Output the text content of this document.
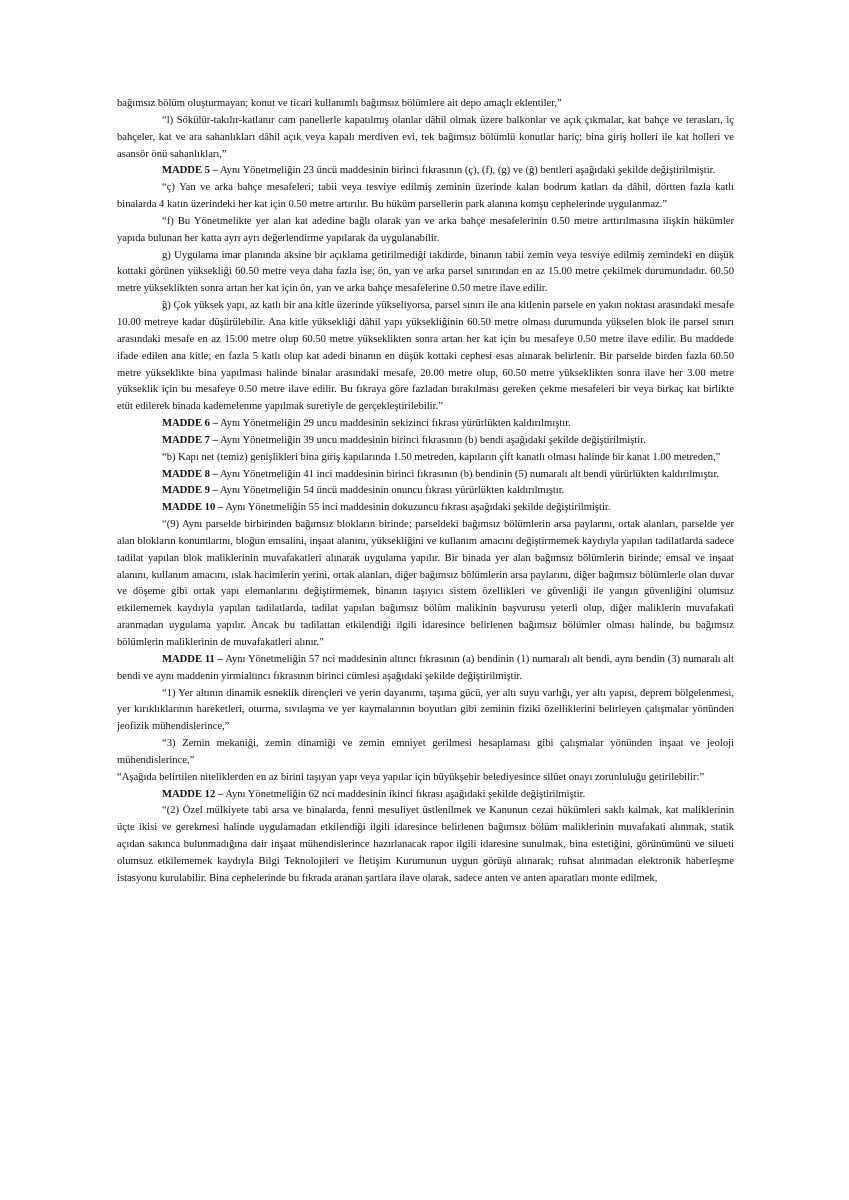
bağımsız bölüm oluşturmayan; konut ve ticari kullanımlı bağımsız bölümlere ait depo amaçlı eklentiler,”

“l) Sökülür-takılır-katlanır cam panellerle kapatılmış olanlar dâhil olmak üzere balkonlar ve açık çıkmalar, kat bahçe ve terasları, iç bahçeler, kat ve ara sahanlıkları dâhil açık veya kapalı merdiven evi, tek bağımsız bölümlü konutlar hariç; bina giriş holleri ile kat holleri ve asansör önü sahanlıkları,”

MADDE 5 – Aynı Yönetmeliğin 23 üncü maddesinin birinci fıkrasının (ç), (f), (g) ve (ğ) bentleri aşağıdaki şekilde değiştirilmiştir.

“ç) Yan ve arka bahçe mesafeleri; tabii veya tesviye edilmiş zeminin üzerinde kalan bodrum katları da dâhil, dörtten fazla katlı binalarda 4 katın üzerindeki her kat için 0.50 metre artırılır. Bu hüküm parsellerin park alanına komşu cephelerinde uygulanmaz.”

“f) Bu Yönetmelikte yer alan kat adedine bağlı olarak yan ve arka bahçe mesafelerinin 0.50 metre arttırılmasına ilişkin hükümler yapıda bulunan her katta ayrı ayrı değerlendirme yapılarak da uygulanabilir.

g) Uygulama imar planında aksine bir açıklama getirilmediği takdirde, binanın tabii zemin veya tesviye edilmiş zemindeki en düşük kottaki görünen yüksekliği 60.50 metre veya daha fazla ise; ön, yan ve arka parsel sınırından en az 15.00 metre çekilmek durumundadır. 60.50 metre yükseklikten sonra artan her kat için ön, yan ve arka bahçe mesafelerine 0.50 metre ilave edilir.

ğ) Çok yüksek yapı, az katlı bir ana kitle üzerinde yükseliyorsa, parsel sınırı ile ana kitlenin parsele en yakın noktası arasındaki mesafe 10.00 metreye kadar düşürülebilir. Ana kitle yüksekliği dâhil yapı yüksekliğinin 60.50 metre olması durumunda yükselen blok ile parsel sınırı arasındaki mesafe en az 15.00 metre olup 60.50 metre yükseklikten sonra artan her kat için bu mesafeye 0.50 metre ilave edilir. Bu maddede ifade edilen ana kitle; en fazla 5 katlı olup kat adedi binanın en düşük kottaki cephesi esas alınarak belirlenir. Bir parselde birden fazla 60.50 metre yükseklikte bina yapılması halinde binalar arasındaki mesafe, 20.00 metre olup, 60.50 metre yükseklikten sonra ilave her 3.00 metre yükseklik için bu mesafeye 0.50 metre ilave edilir. Bu fıkraya göre fazladan bırakılması gereken çekme mesafeleri bir veya birkaç kat birlikte etüt edilerek binada kademelenme yapılmak suretiyle de gerçekleştirilebilir.”

MADDE 6 – Aynı Yönetmeliğin 29 uncu maddesinin sekizinci fıkrası yürürlükten kaldırılmıştır.

MADDE 7 – Aynı Yönetmeliğin 39 uncu maddesinin birinci fıkrasının (b) bendi aşağıdaki şekilde değiştirilmiştir.

“b) Kapı net (temiz) genişlikleri bina giriş kapılarında 1.50 metreden, kapıların çift kanatlı olması halinde bir kanat 1.00 metreden,”

MADDE 8 – Aynı Yönetmeliğin 41 inci maddesinin birinci fıkrasının (b) bendinin (5) numaralı alt bendi yürürlükten kaldırılmıştır.

MADDE 9 – Aynı Yönetmeliğin 54 üncü maddesinin onuncu fıkrası yürürlükten kaldırılmıştır.

MADDE 10 – Aynı Yönetmeliğin 55 inci maddesinin dokuzuncu fıkrası aşağıdaki şekilde değiştirilmiştir.

“(9) Aynı parselde birbirinden bağımsız blokların birinde; parseldeki bağımsız bölümlerin arsa paylarını, ortak alanları, parselde yer alan blokların konumlarını, bloğun emsalini, inşaat alanını, yüksekliğini ve kullanım amacını değiştirmemek kaydıyla yapılan tadilatlarda sadece tadilat yapılan blok maliklerinin muvafakatleri alınarak uygulama yapılır. Bir binada yer alan bağımsız bölümlerin birinde; emsal ve inşaat alanını, kullanım amacını, ıslak hacimlerin yerini, ortak alanları, diğer bağımsız bölümlerin arsa paylarını, diğer bağımsız bölümlerle olan duvar ve döşeme gibi ortak yapı elemanlarını değiştirmemek, binanın taşıyıcı sistem özellikleri ve güvenliği ile yangın güvenliğini olumsuz etkilememek kaydıyla yapılan tadilatlarda, tadilat yapılan bağımsız bölüm malikinin başvurusu yeterli olup, diğer maliklerin muvafakati aranmadan uygulama yapılır. Ancak bu tadilattan etkilendiği ilgili idaresince belirlenen bağımsız bölümler olması halinde, bu bağımsız bölümlerin maliklerinin de muvafakatleri alınır.”

MADDE 11 – Aynı Yönetmeliğin 57 nci maddesinin altıncı fıkrasının (a) bendinin (1) numaralı alt bendi, aynı bendin (3) numaralı alt bendi ve aynı maddenin yirmialtıncı fıkrasının birinci cümlesi aşağıdaki şekilde değiştirilmiştir.

“1) Yer altının dinamik esneklik dirençleri ve yerin dayanımı, taşıma gücü, yer altı suyu varlığı, yer altı yapısı, deprem bölgelenmesi, yer kırıklıklarının hareketleri, oturma, sıvılaşma ve yer kaymalarının boyutları gibi zeminin fizikî özelliklerini belirleyen çalışmalar yönünden jeofizik mühendislerince,”

“3) Zemin mekaniği, zemin dinamiği ve zemin emniyet gerilmesi hesaplaması gibi çalışmalar yönünden inşaat ve jeoloji mühendislerince,”

“Aşağıda belirtilen niteliklerden en az birini taşıyan yapı veya yapılar için büyükşehir belediyesince silüet onayı zorunluluğu getirilebilir:”

MADDE 12 – Aynı Yönetmeliğin 62 nci maddesinin ikinci fıkrası aşağıdaki şekilde değiştirilmiştir.

“(2) Özel mülkiyete tabi arsa ve binalarda, fenni mesuliyet üstlenilmek ve Kanunun cezai hükümleri saklı kalmak, kat maliklerinin üçte ikisi ve gerekmesi halinde uygulamadan etkilendiği ilgili idaresince belirlenen bağımsız bölüm maliklerinin muvafakati alınmak, statik açıdan sakınca bulunmadığına dair inşaat mühendislerince hazırlanacak rapor ilgili idaresine sunulmak, bina estetiğini, görünümünü ve silueti olumsuz etkilememek kaydıyla Bilgi Teknolojileri ve İletişim Kurumunun uygun görüşü alınarak; ruhsat alınmadan elektronik haberleşme istasyonu kurulabilir. Bina cephelerinde bu fıkrada aranan şartlara ilave olarak, sadece anten ve anten aparatları monte edilmek,
